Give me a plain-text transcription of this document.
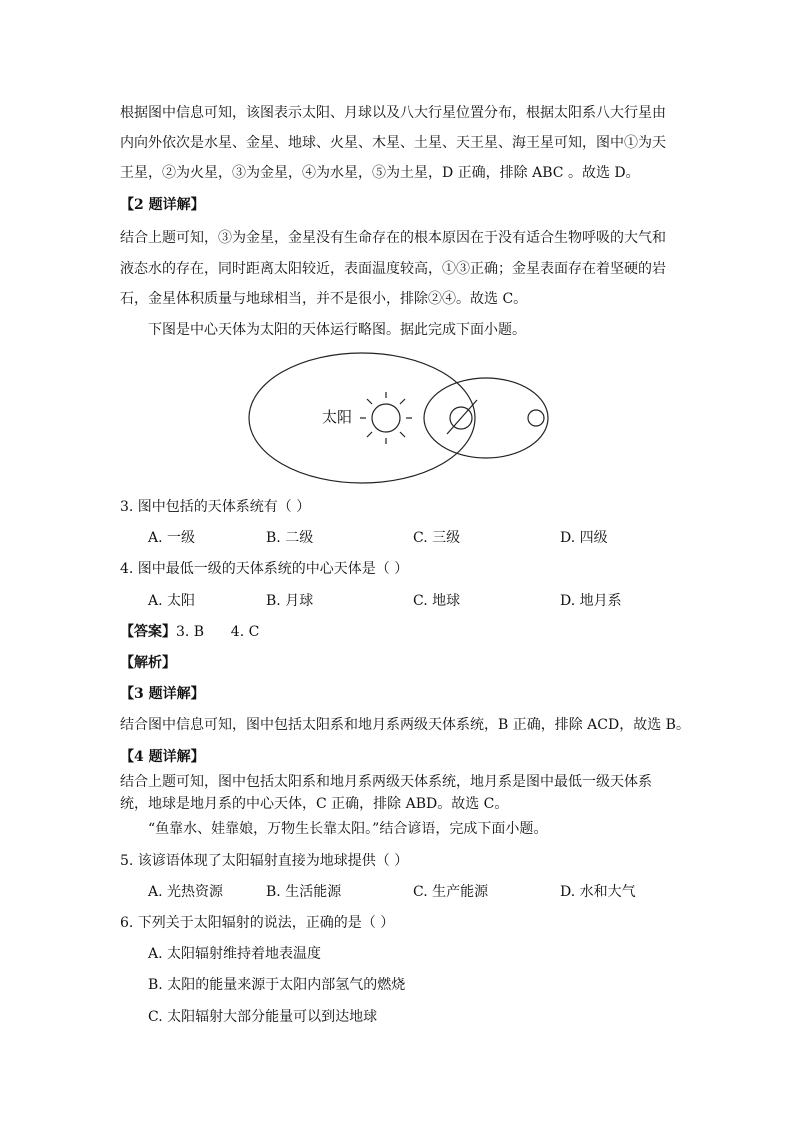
根据图中信息可知，该图表示太阳、月球以及八大行星位置分布，根据太阳系八大行星由
内向外依次是水星、金星、地球、火星、木星、土星、天王星、海王星可知，图中①为天
王星，②为火星，③为金星，④为水星，⑤为土星，D 正确，排除 ABC 。故选 D。
【2 题详解】
结合上题可知，③为金星，金星没有生命存在的根本原因在于没有适合生物呼吸的大气和
液态水的存在，同时距离太阳较近，表面温度较高，①③正确；金星表面存在着坚硬的岩
石，金星体积质量与地球相当，并不是很小，排除②④。故选 C。
下图是中心天体为太阳的天体运行略图。据此完成下面小题。
太阳
3. 图中包括的天体系统有（ ）
A. 一级	B. 二级	C. 三级	D. 四级
4. 图中最低一级的天体系统的中心天体是（ ）
A. 太阳	B. 月球	C. 地球	D. 地月系
【答案】3. B      4. C
【解析】
【3 题详解】
结合图中信息可知，图中包括太阳系和地月系两级天体系统，B 正确，排除 ACD，故选 B。
【4 题详解】
结合上题可知，图中包括太阳系和地月系两级天体系统，地月系是图中最低一级天体系
统，地球是地月系的中心天体，C 正确，排除 ABD。故选 C。
“鱼靠水、娃靠娘，万物生长靠太阳。”结合谚语，完成下面小题。
5. 该谚语体现了太阳辐射直接为地球提供（ ）
A. 光热资源	B. 生活能源	C. 生产能源	D. 水和大气
6. 下列关于太阳辐射的说法，正确的是（ ）
A. 太阳辐射维持着地表温度
B. 太阳的能量来源于太阳内部氢气的燃烧
C. 太阳辐射大部分能量可以到达地球
